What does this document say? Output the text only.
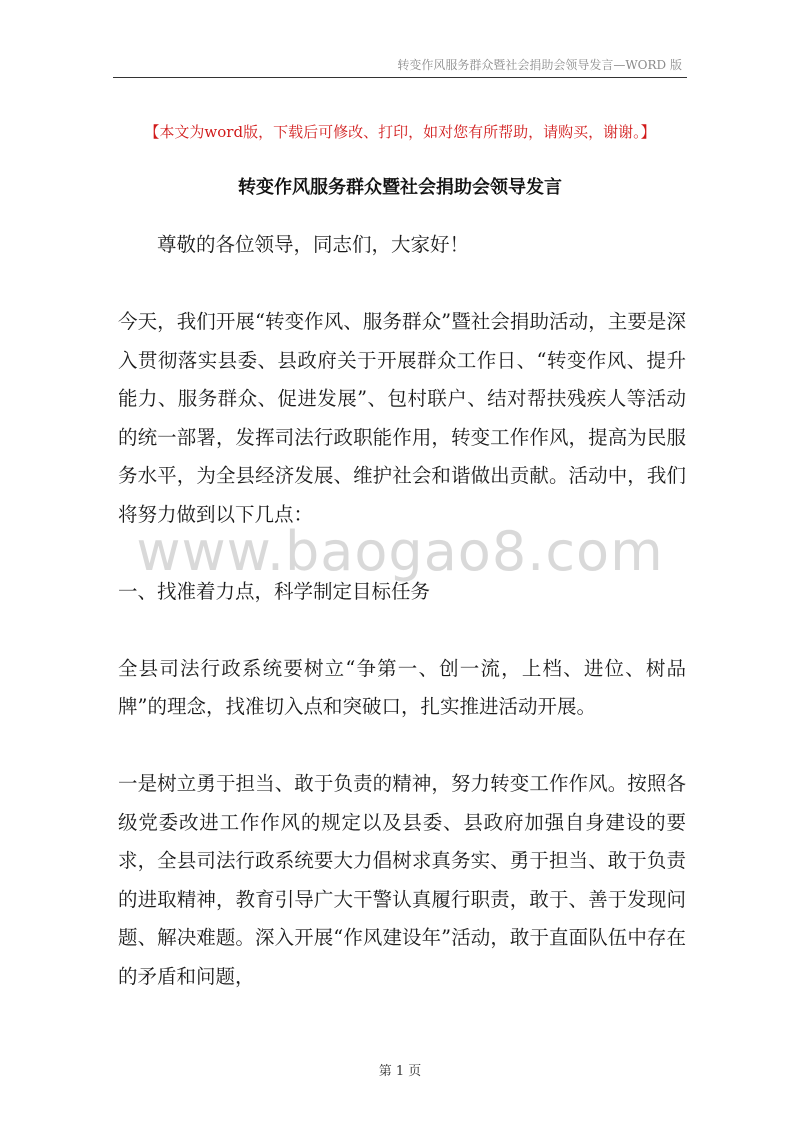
转变作风服务群众暨社会捐助会领导发言—WORD 版
【本文为word版，下载后可修改、打印，如对您有所帮助，请购买，谢谢。】
转变作风服务群众暨社会捐助会领导发言

尊敬的各位领导，同志们，大家好！

今天，我们开展“转变作风、服务群众”暨社会捐助活动，主要是深入贯彻落实县委、县政府关于开展群众工作日、“转变作风、提升能力、服务群众、促进发展”、包村联户、结对帮扶残疾人等活动的统一部署，发挥司法行政职能作用，转变工作作风，提高为民服务水平，为全县经济发展、维护社会和谐做出贡献。活动中，我们将努力做到以下几点：

一、找准着力点，科学制定目标任务

全县司法行政系统要树立“争第一、创一流，上档、进位、树品牌”的理念，找准切入点和突破口，扎实推进活动开展。

一是树立勇于担当、敢于负责的精神，努力转变工作作风。按照各级党委改进工作作风的规定以及县委、县政府加强自身建设的要求，全县司法行政系统要大力倡树求真务实、勇于担当、敢于负责的进取精神，教育引导广大干警认真履行职责，敢于、善于发现问题、解决难题。深入开展“作风建设年”活动，敢于直面队伍中存在的矛盾和问题，

www.baogao8.com
第 1 页
